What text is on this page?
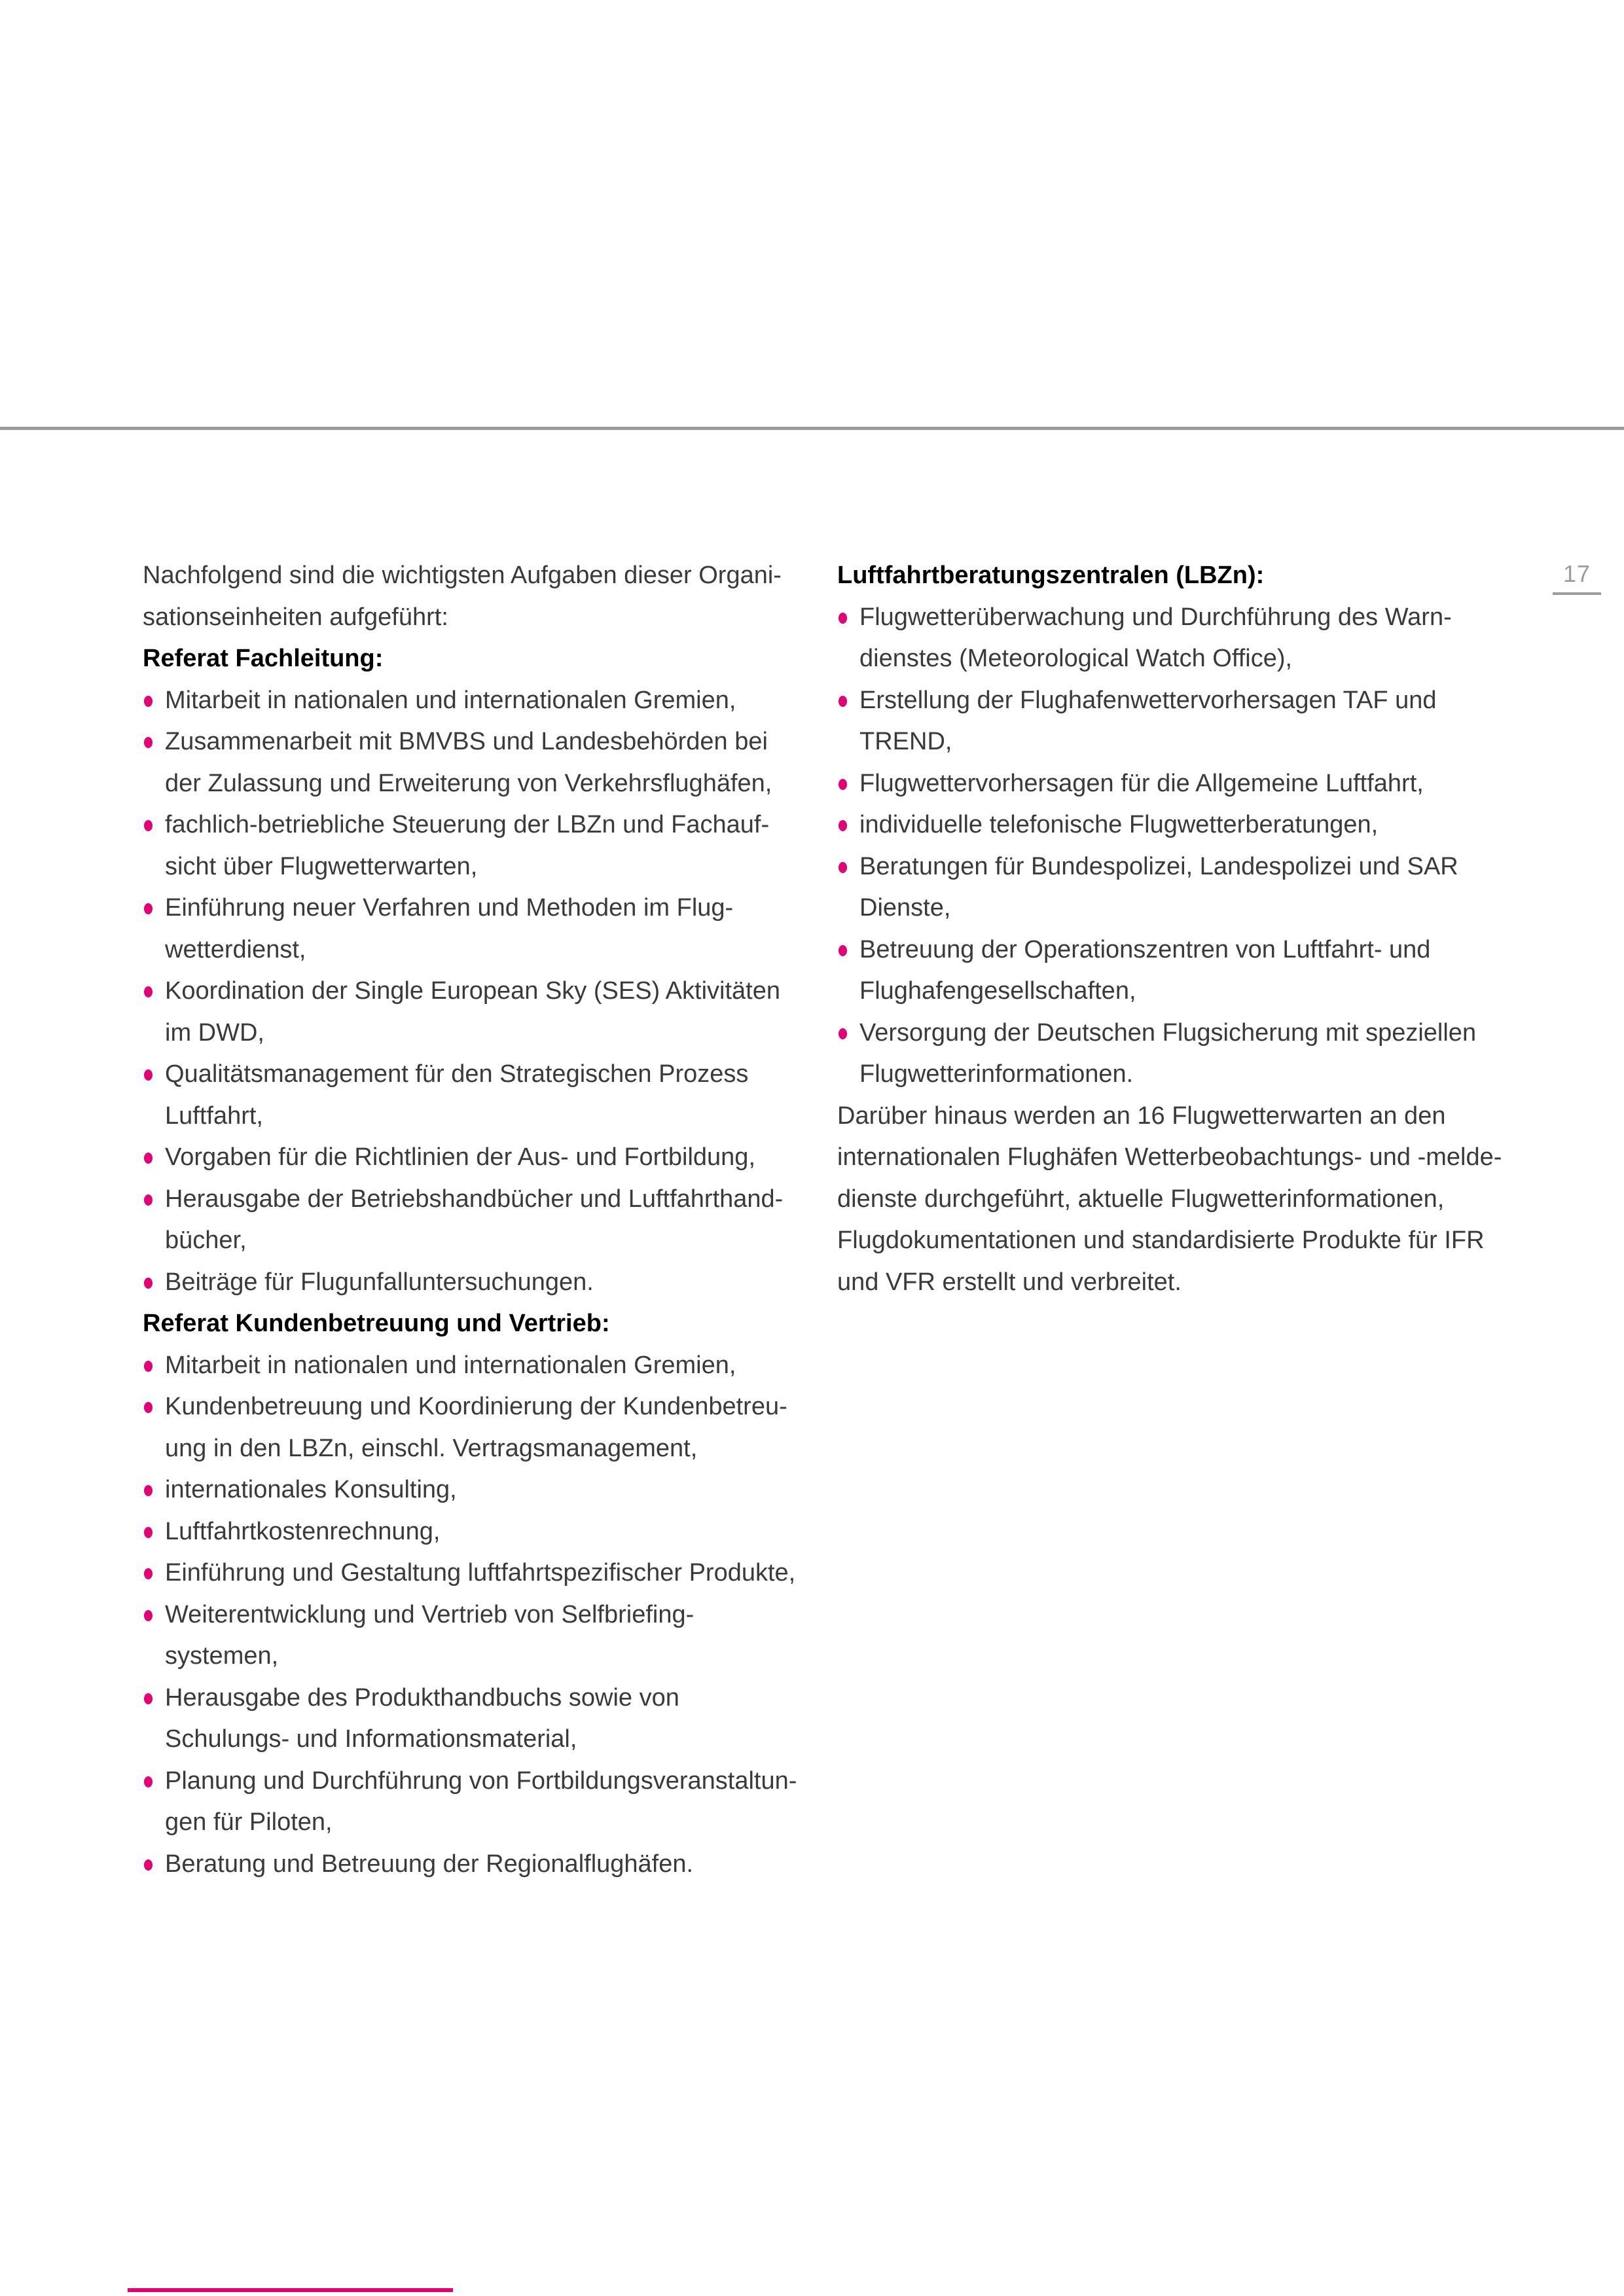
17
Nachfolgend sind die wichtigsten Aufgaben dieser Organi-
sationseinheiten aufgeführt:
Referat Fachleitung:
Mitarbeit in nationalen und internationalen Gremien,
Zusammenarbeit mit BMVBS und Landesbehörden bei
der Zulassung und Erweiterung von Verkehrsflughäfen,
fachlich-betriebliche Steuerung der LBZn und Fachauf-
sicht über Flugwetterwarten,
Einführung neuer Verfahren und Methoden im Flug-
wetterdienst,
Koordination der Single European Sky (SES) Aktivitäten
im DWD,
Qualitätsmanagement für den Strategischen Prozess
Luftfahrt,
Vorgaben für die Richtlinien der Aus- und Fortbildung,
Herausgabe der Betriebshandbücher und Luftfahrthand-
bücher,
Beiträge für Flugunfalluntersuchungen.
Referat Kundenbetreuung und Vertrieb:
Mitarbeit in nationalen und internationalen Gremien,
Kundenbetreuung und Koordinierung der Kundenbetreu-
ung in den LBZn, einschl. Vertragsmanagement,
internationales Konsulting,
Luftfahrtkostenrechnung,
Einführung und Gestaltung luftfahrtspezifischer Produkte,
Weiterentwicklung und Vertrieb von Selfbriefing-
systemen,
Herausgabe des Produkthandbuchs sowie von
Schulungs- und Informationsmaterial,
Planung und Durchführung von Fortbildungsveranstaltun-
gen für Piloten,
Beratung und Betreuung der Regionalflughäfen.
Luftfahrtberatungszentralen (LBZn):
Flugwetterüberwachung und Durchführung des Warn-
dienstes (Meteorological Watch Office),
Erstellung der Flughafenwettervorhersagen TAF und
TREND,
Flugwettervorhersagen für die Allgemeine Luftfahrt,
individuelle telefonische Flugwetterberatungen,
Beratungen für Bundespolizei, Landespolizei und SAR
Dienste,
Betreuung der Operationszentren von Luftfahrt- und
Flughafengesellschaften,
Versorgung der Deutschen Flugsicherung mit speziellen
Flugwetterinformationen.
Darüber hinaus werden an 16 Flugwetterwarten an den
internationalen Flughäfen Wetterbeobachtungs- und -melde-
dienste durchgeführt, aktuelle Flugwetterinformationen,
Flugdokumentationen und standardisierte Produkte für IFR
und VFR erstellt und verbreitet.
